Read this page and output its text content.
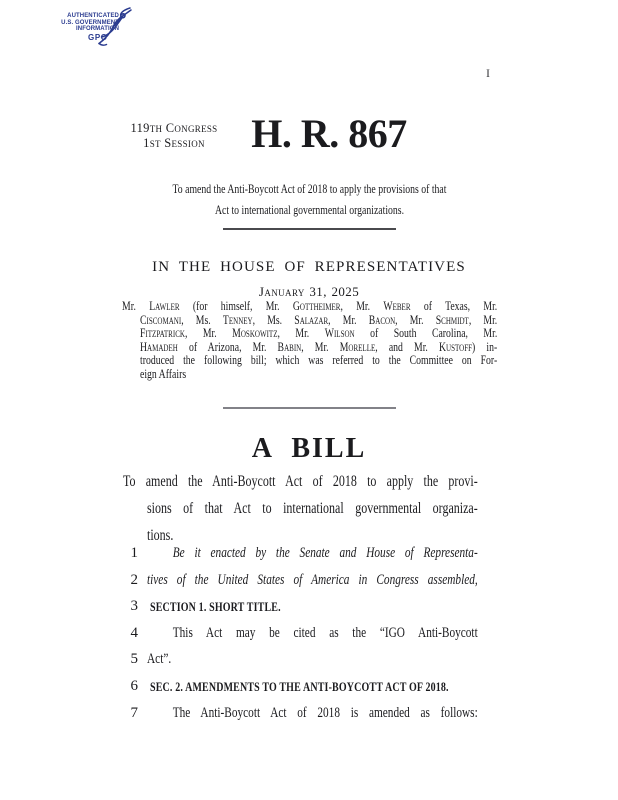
AUTHENTICATED
U.S. GOVERNMENT
INFORMATION
GPO
I
119th Congress
1st Session	H. R. 867
To amend the Anti-Boycott Act of 2018 to apply the provisions of that
Act to international governmental organizations.
IN THE HOUSE OF REPRESENTATIVES
January 31, 2025
Mr. Lawler (for himself, Mr. Gottheimer, Mr. Weber of Texas, Mr.
Ciscomani, Ms. Tenney, Ms. Salazar, Mr. Bacon, Mr. Schmidt, Mr.
Fitzpatrick, Mr. Moskowitz, Mr. Wilson of South Carolina, Mr.
Hamadeh of Arizona, Mr. Babin, Mr. Morelle, and Mr. Kustoff) in-
troduced the following bill; which was referred to the Committee on For-
eign Affairs
A BILL
To amend the Anti-Boycott Act of 2018 to apply the provi-
sions of that Act to international governmental organiza-
tions.
1	Be it enacted by the Senate and House of Representa-
2 tives of the United States of America in Congress assembled,
3 SECTION 1. SHORT TITLE.
4	This Act may be cited as the “IGO Anti-Boycott
5 Act”.
6 SEC. 2. AMENDMENTS TO THE ANTI-BOYCOTT ACT OF 2018.
7	The Anti-Boycott Act of 2018 is amended as follows:
